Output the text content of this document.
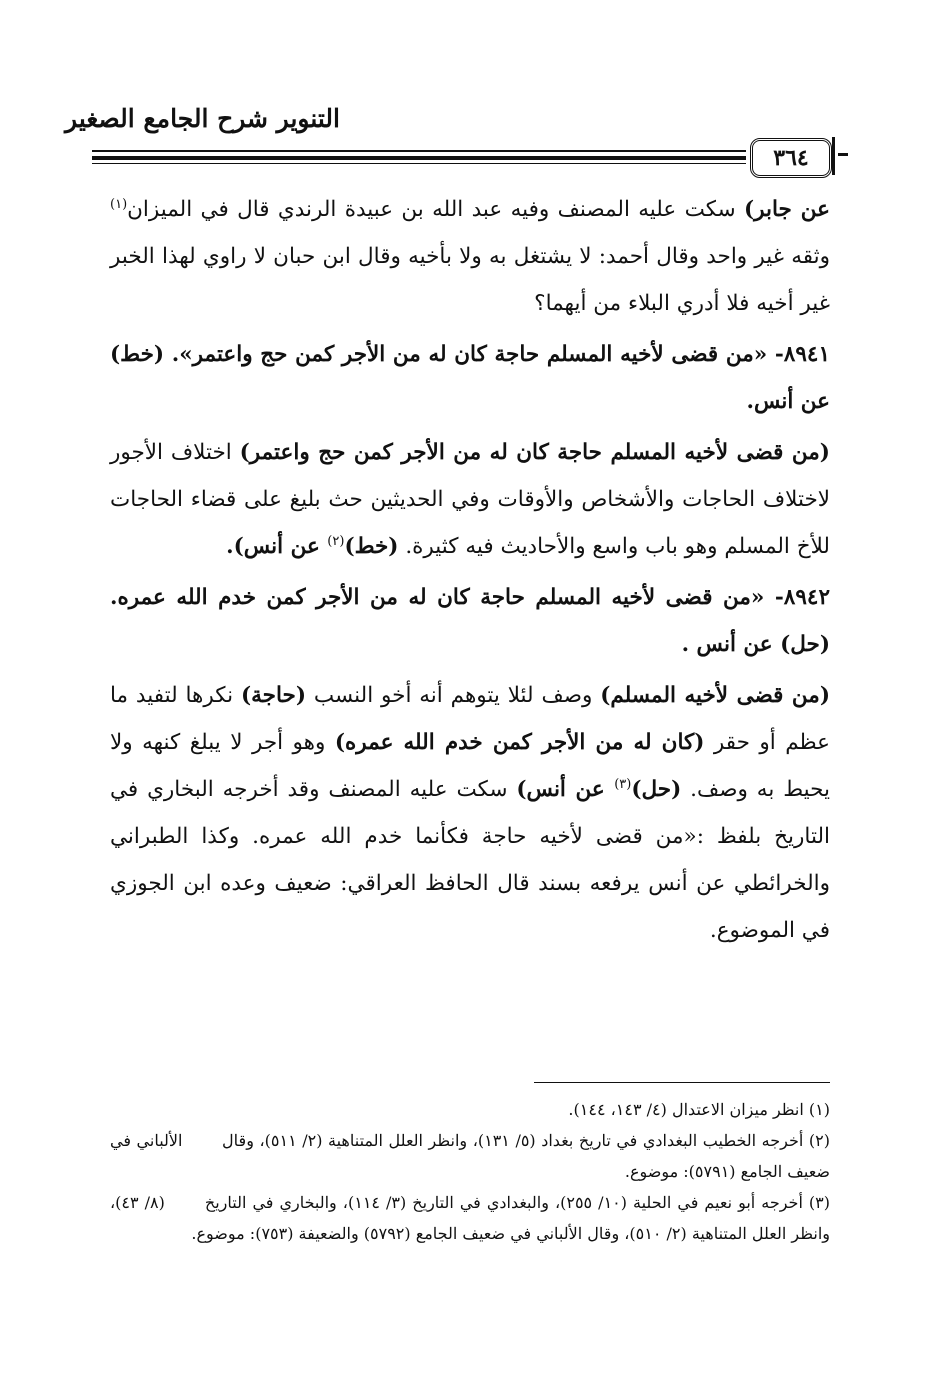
التنوير شرح الجامع الصغير
٣٦٤

عن جابر) سكت عليه المصنف وفيه عبد الله بن عبيدة الرندي قال في الميزان$^{(١)}$ وثقه غير واحد وقال أحمد: لا يشتغل به ولا بأخيه وقال ابن حبان لا راوي لهذا الخبر غير أخيه فلا أدري البلاء من أيهما؟

٨٩٤١- «من قضى لأخيه المسلم حاجة كان له من الأجر كمن حج واعتمر». (خط) عن أنس.

(من قضى لأخيه المسلم حاجة كان له من الأجر كمن حج واعتمر) اختلاف الأجور لاختلاف الحاجات والأشخاص والأوقات وفي الحديثين حث بليغ على قضاء الحاجات للأخ المسلم وهو باب واسع والأحاديث فيه كثيرة. (خط)$^{(٢)}$ عن أنس).

٨٩٤٢- «من قضى لأخيه المسلم حاجة كان له من الأجر كمن خدم الله عمره. (حل) عن أنس .

(من قضى لأخيه المسلم) وصف لئلا يتوهم أنه أخو النسب (حاجة) نكرها لتفيد ما عظم أو حقر (كان له من الأجر كمن خدم الله عمره) وهو أجر لا يبلغ كنهه ولا يحيط به وصف. (حل)$^{(٣)}$ عن أنس) سكت عليه المصنف وقد أخرجه البخاري في التاريخ بلفظ :«من قضى لأخيه حاجة فكأنما خدم الله عمره. وكذا الطبراني والخرائطي عن أنس يرفعه بسند قال الحافظ العراقي: ضعيف وعده ابن الجوزي في الموضوع.

(١) انظر ميزان الاعتدال (٤/ ١٤٣، ١٤٤).

(٢) أخرجه الخطيب البغدادي في تاريخ بغداد (٥/ ١٣١)، وانظر العلل المتناهية (٢/ ٥١١)، وقال الألباني في ضعيف الجامع (٥٧٩١): موضوع.

(٣) أخرجه أبو نعيم في الحلية (١٠/ ٢٥٥)، والبغدادي في التاريخ (٣/ ١١٤)، والبخاري في التاريخ (٨/ ٤٣)، وانظر العلل المتناهية (٢/ ٥١٠)، وقال الألباني في ضعيف الجامع (٥٧٩٢) والضعيفة (٧٥٣): موضوع.
